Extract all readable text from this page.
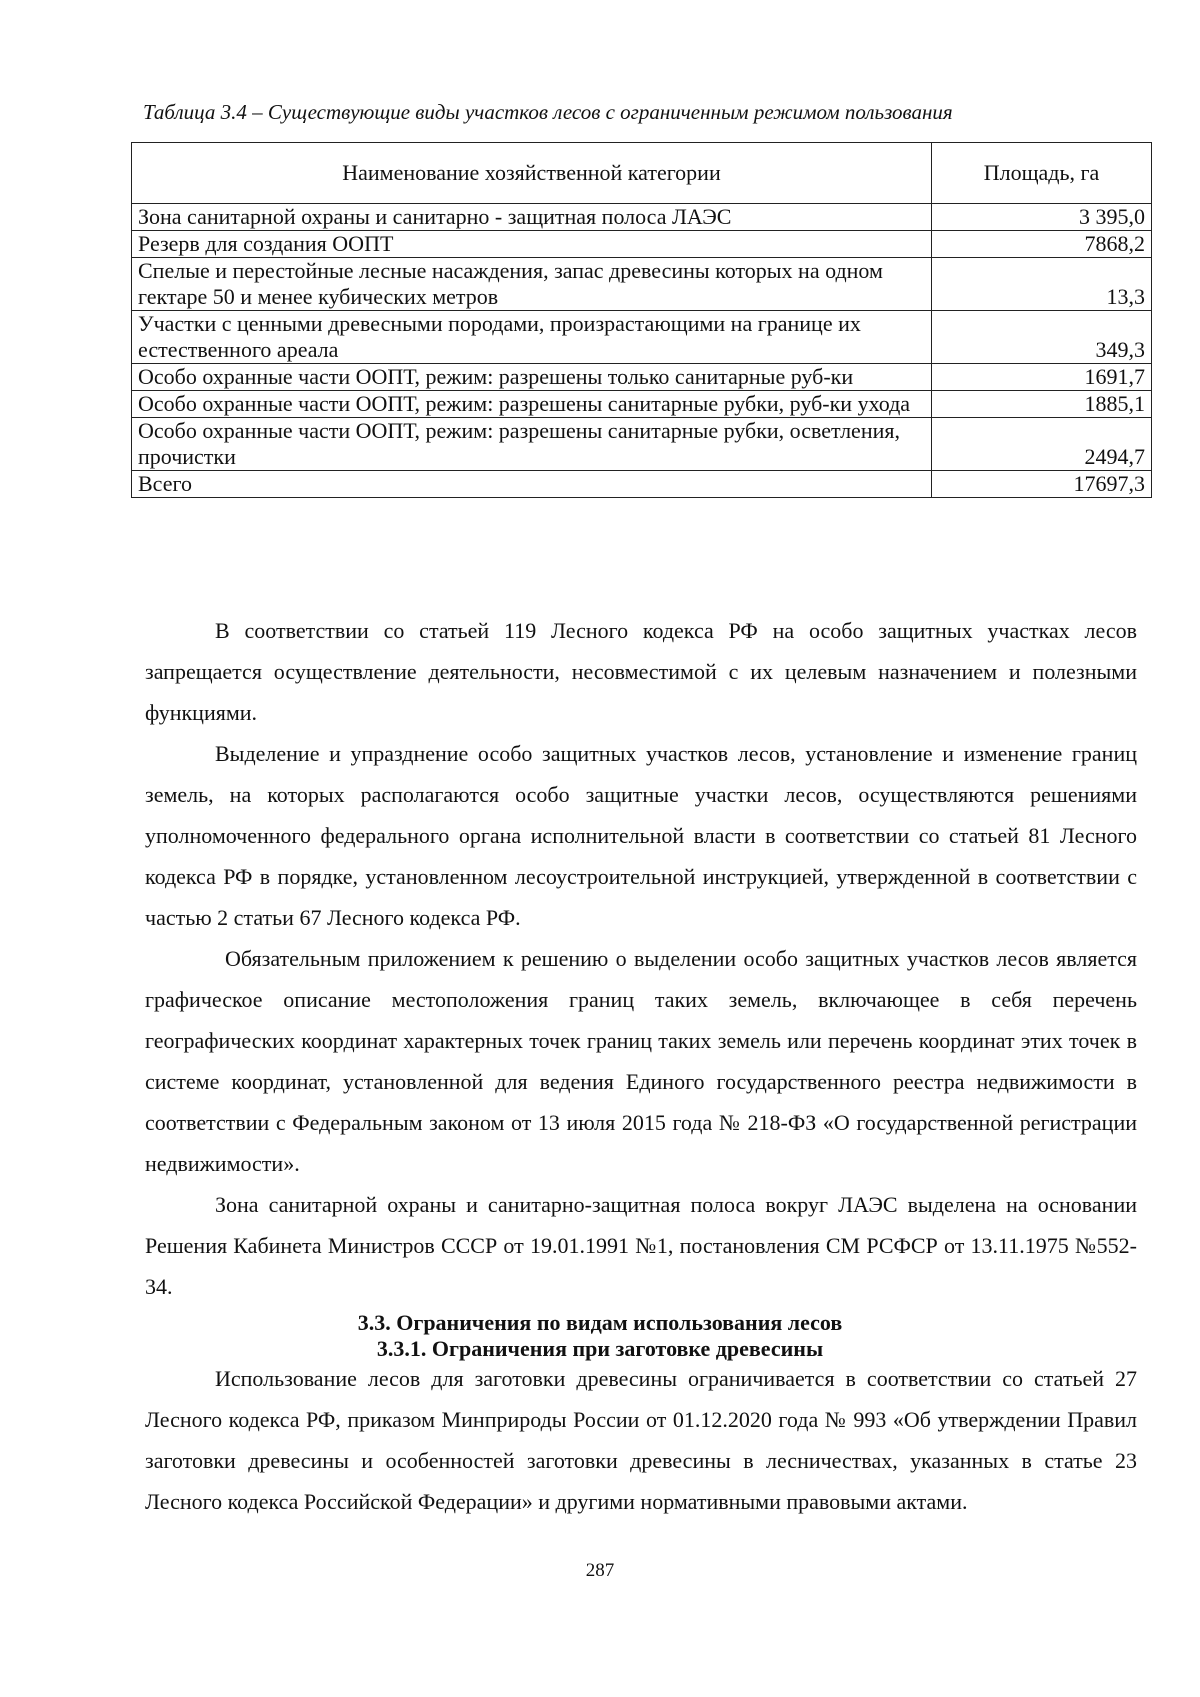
Таблица 3.4 – Существующие виды участков лесов с ограниченным режимом пользования
Наименование хозяйственной категории	Площадь, га
Зона санитарной охраны и санитарно - защитная полоса ЛАЭС	3 395,0
Резерв для создания ООПТ	7868,2
Спелые и перестойные лесные насаждения, запас древесины которых на одном гектаре 50 и менее кубических метров	13,3
Участки с ценными древесными породами, произрастающими на границе их естественного ареала	349,3
Особо охранные части ООПТ, режим: разрешены только санитарные руб-ки	1691,7
Особо охранные части ООПТ, режим: разрешены санитарные рубки, руб-ки ухода	1885,1
Особо охранные части ООПТ, режим: разрешены санитарные рубки, осветления, прочистки	2494,7
Всего	17697,3

В соответствии со статьей 119 Лесного кодекса РФ на особо защитных участках лесов запрещается осуществление деятельности, несовместимой с их целевым назначением и полезными функциями.

Выделение и упразднение особо защитных участков лесов, установление и изменение границ земель, на которых располагаются особо защитные участки лесов, осуществляются решениями уполномоченного федерального органа исполнительной власти в соответствии со статьей 81 Лесного кодекса РФ в порядке, установленном лесоустроительной инструкцией, утвержденной в соответствии с частью 2 статьи 67 Лесного кодекса РФ.

Обязательным приложением к решению о выделении особо защитных участков лесов является графическое описание местоположения границ таких земель, включающее в себя перечень географических координат характерных точек границ таких земель или перечень координат этих точек в системе координат, установленной для ведения Единого государственного реестра недвижимости в соответствии с Федеральным законом от 13 июля 2015 года № 218-ФЗ «О государственной регистрации недвижимости».

Зона санитарной охраны и санитарно-защитная полоса вокруг ЛАЭС выделена на основании Решения Кабинета Министров СССР от 19.01.1991 №1, постановления СМ РСФСР от 13.11.1975 №552-34.

3.3. Ограничения по видам использования лесов
3.3.1. Ограничения при заготовке древесины

Использование лесов для заготовки древесины ограничивается в соответствии со статьей 27 Лесного кодекса РФ, приказом Минприроды России от 01.12.2020 года № 993 «Об утверждении Правил заготовки древесины и особенностей заготовки древесины в лесничествах, указанных в статье 23 Лесного кодекса Российской Федерации» и другими нормативными правовыми актами.

287
